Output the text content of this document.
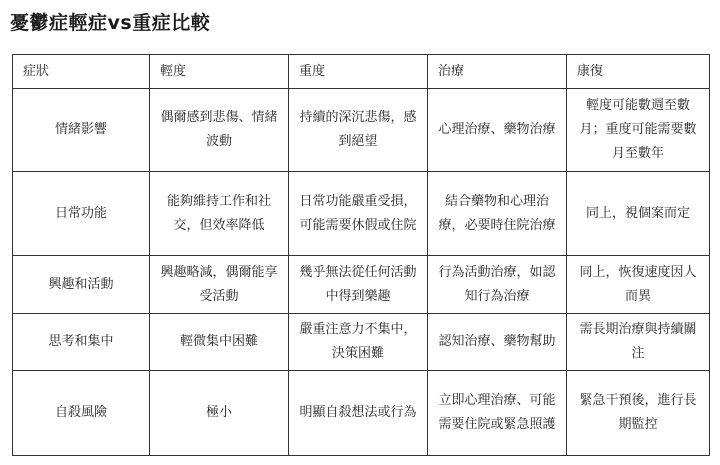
憂鬱症輕症vs重症比較
症狀	輕度	重度	治療	康復
情緒影響	偶爾感到悲傷、情緒波動	持續的深沉悲傷，感到絕望	心理治療、藥物治療	輕度可能數週至數月；重度可能需要數月至數年
日常功能	能夠維持工作和社交，但效率降低	日常功能嚴重受損，可能需要休假或住院	結合藥物和心理治療，必要時住院治療	同上，視個案而定
興趣和活動	興趣略減，偶爾能享受活動	幾乎無法從任何活動中得到樂趣	行為活動治療，如認知行為治療	同上，恢復速度因人而異
思考和集中	輕微集中困難	嚴重注意力不集中，決策困難	認知治療、藥物幫助	需長期治療與持續關注
自殺風險	極小	明顯自殺想法或行為	立即心理治療、可能需要住院或緊急照護	緊急干預後，進行長期監控
